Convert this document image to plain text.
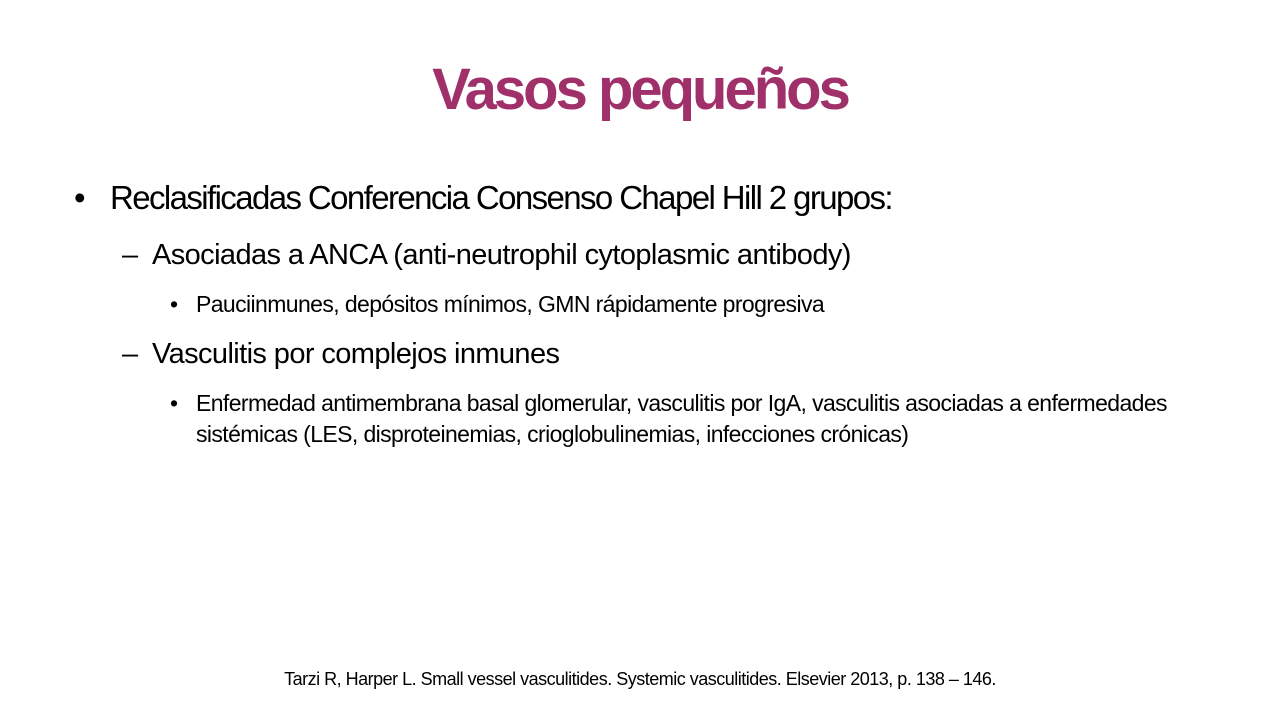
Vasos pequeños
• Reclasificadas Conferencia Consenso Chapel Hill 2 grupos:
– Asociadas a ANCA (anti-neutrophil cytoplasmic antibody)
• Pauciinmunes, depósitos mínimos, GMN rápidamente progresiva
– Vasculitis por complejos inmunes
• Enfermedad antimembrana basal glomerular, vasculitis por IgA, vasculitis asociadas a enfermedades sistémicas (LES, disproteinemias, crioglobulinemias, infecciones crónicas)
Tarzi R, Harper L. Small vessel vasculitides. Systemic vasculitides. Elsevier 2013, p. 138 – 146.
